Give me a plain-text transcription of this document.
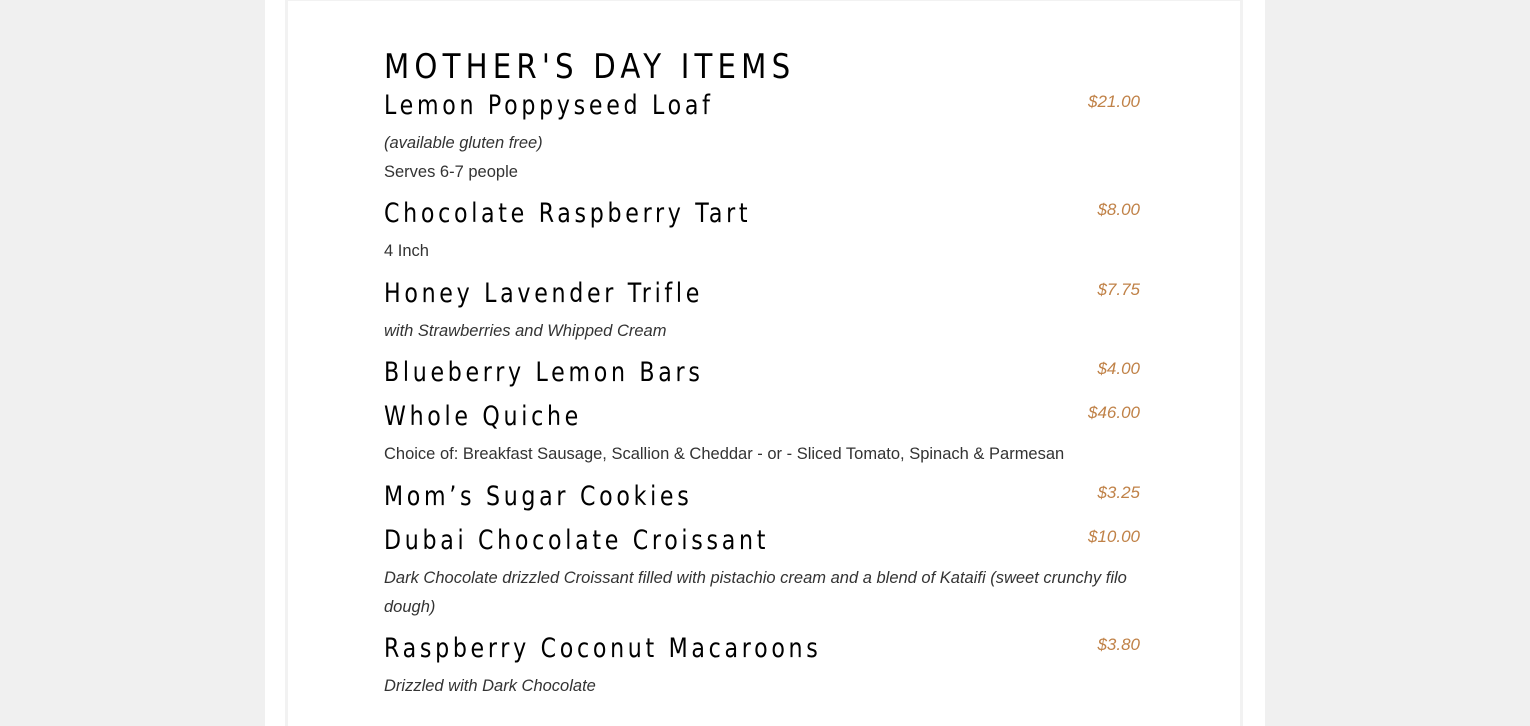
MOTHER'S DAY ITEMS
Lemon Poppyseed Loaf	$21.00

(available gluten free)

Serves 6-7 people

Chocolate Raspberry Tart	$8.00

4 Inch

Honey Lavender Trifle	$7.75

with Strawberries and Whipped Cream

Blueberry Lemon Bars	$4.00
Whole Quiche	$46.00

Choice of: Breakfast Sausage, Scallion & Cheddar - or - Sliced Tomato, Spinach & Parmesan

Mom’s Sugar Cookies	$3.25
Dubai Chocolate Croissant	$10.00

Dark Chocolate drizzled Croissant filled with pistachio cream and a blend of Kataifi (sweet crunchy filo dough)

Raspberry Coconut Macaroons	$3.80

Drizzled with Dark Chocolate
